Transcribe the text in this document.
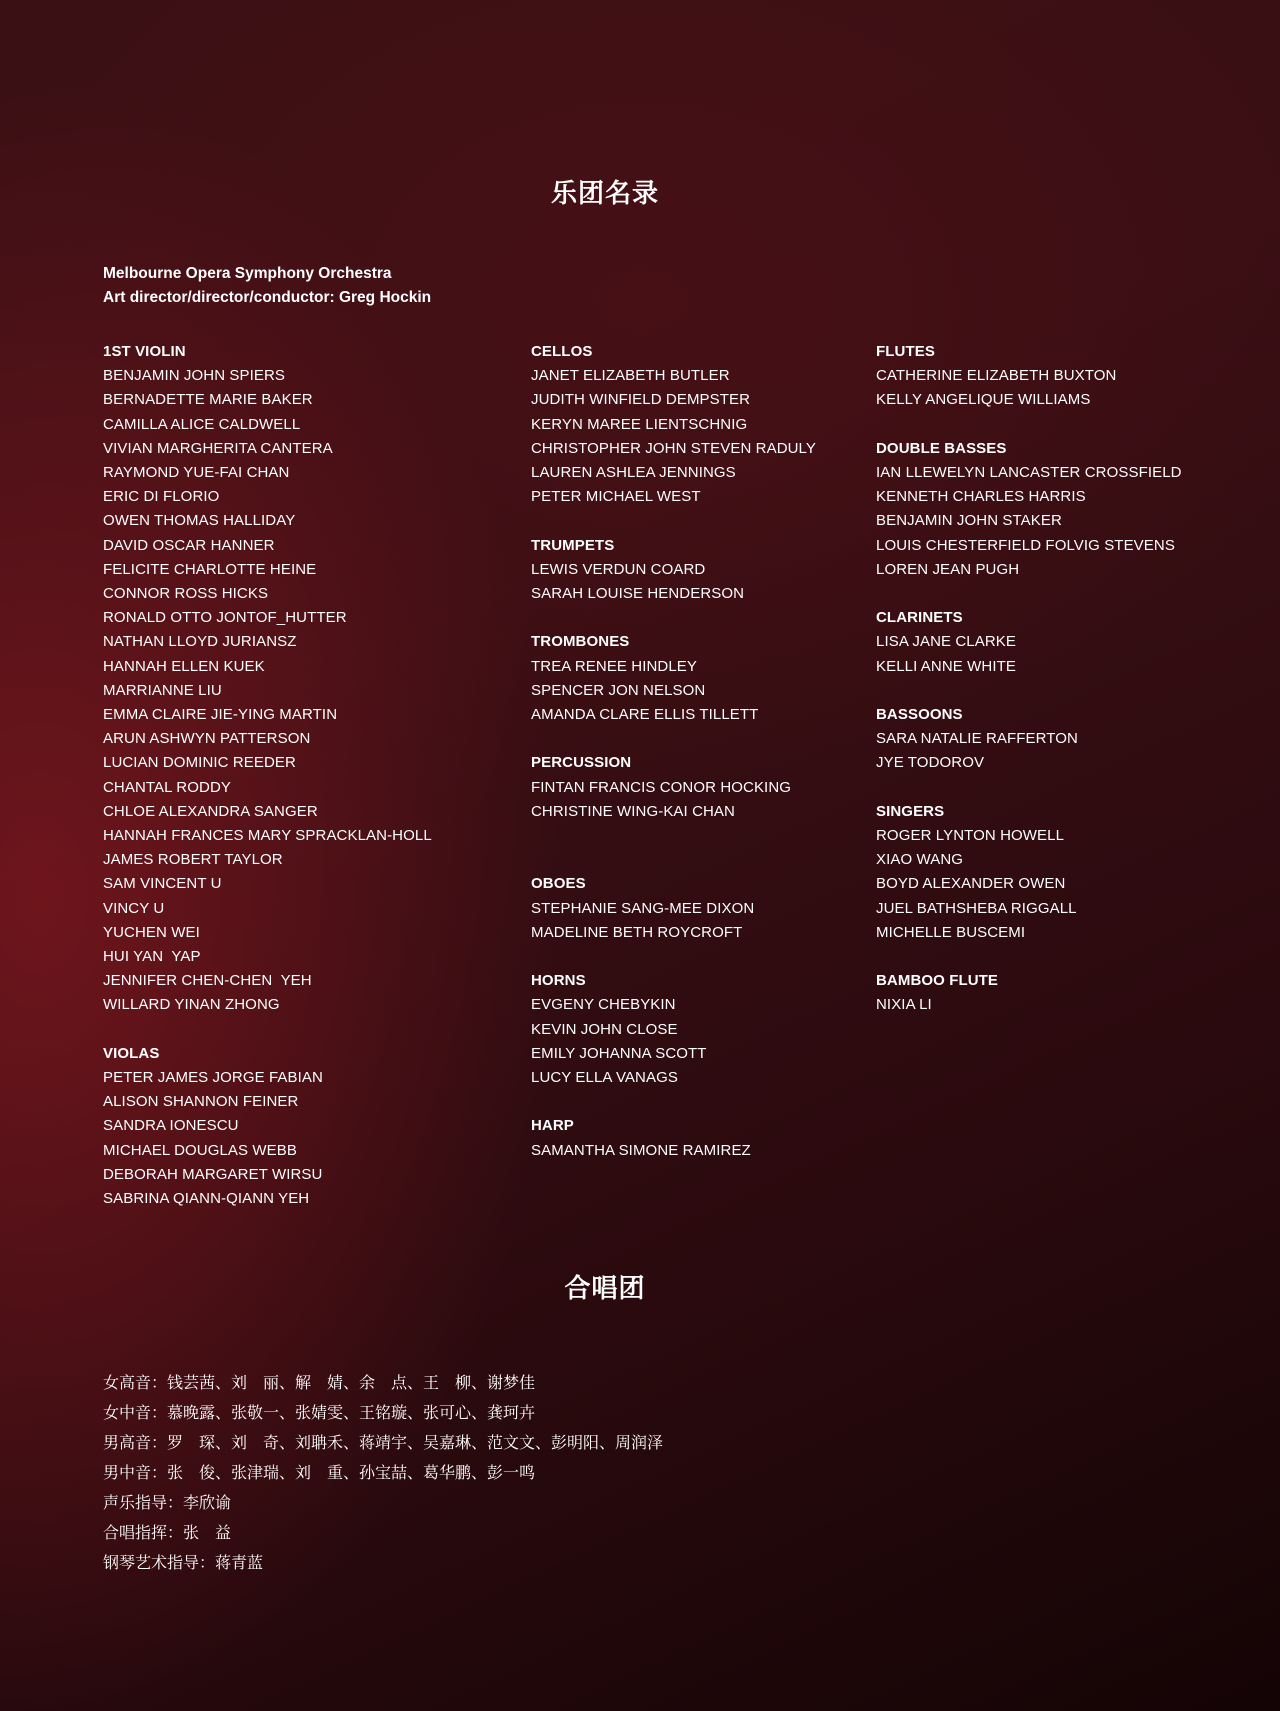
乐团名录
Melbourne Opera Symphony Orchestra
Art director/director/conductor: Greg Hockin
1ST VIOLIN
BENJAMIN JOHN SPIERS
BERNADETTE MARIE BAKER
CAMILLA ALICE CALDWELL
VIVIAN MARGHERITA CANTERA
RAYMOND YUE-FAI CHAN
ERIC DI FLORIO
OWEN THOMAS HALLIDAY
DAVID OSCAR HANNER
FELICITE CHARLOTTE HEINE
CONNOR ROSS HICKS
RONALD OTTO JONTOF_HUTTER
NATHAN LLOYD JURIANSZ
HANNAH ELLEN KUEK
MARRIANNE LIU
EMMA CLAIRE JIE-YING MARTIN
ARUN ASHWYN PATTERSON
LUCIAN DOMINIC REEDER
CHANTAL RODDY
CHLOE ALEXANDRA SANGER
HANNAH FRANCES MARY SPRACKLAN-HOLL
JAMES ROBERT TAYLOR
SAM VINCENT U
VINCY U
YUCHEN WEI
HUI YAN  YAP
JENNIFER CHEN-CHEN  YEH
WILLARD YINAN ZHONG
VIOLAS
PETER JAMES JORGE FABIAN
ALISON SHANNON FEINER
SANDRA IONESCU
MICHAEL DOUGLAS WEBB
DEBORAH MARGARET WIRSU
SABRINA QIANN-QIANN YEH
CELLOS
JANET ELIZABETH BUTLER
JUDITH WINFIELD DEMPSTER
KERYN MAREE LIENTSCHNIG
CHRISTOPHER JOHN STEVEN RADULY
LAUREN ASHLEA JENNINGS
PETER MICHAEL WEST
TRUMPETS
LEWIS VERDUN COARD
SARAH LOUISE HENDERSON
TROMBONES
TREA RENEE HINDLEY
SPENCER JON NELSON
AMANDA CLARE ELLIS TILLETT
PERCUSSION
FINTAN FRANCIS CONOR HOCKING
CHRISTINE WING-KAI CHAN
OBOES
STEPHANIE SANG-MEE DIXON
MADELINE BETH ROYCROFT
HORNS
EVGENY CHEBYKIN
KEVIN JOHN CLOSE
EMILY JOHANNA SCOTT
LUCY ELLA VANAGS
HARP
SAMANTHA SIMONE RAMIREZ
FLUTES
CATHERINE ELIZABETH BUXTON
KELLY ANGELIQUE WILLIAMS
DOUBLE BASSES
IAN LLEWELYN LANCASTER CROSSFIELD
KENNETH CHARLES HARRIS
BENJAMIN JOHN STAKER
LOUIS CHESTERFIELD FOLVIG STEVENS
LOREN JEAN PUGH
CLARINETS
LISA JANE CLARKE
KELLI ANNE WHITE
BASSOONS
SARA NATALIE RAFFERTON
JYE TODOROV
SINGERS
ROGER LYNTON HOWELL
XIAO WANG
BOYD ALEXANDER OWEN
JUEL BATHSHEBA RIGGALL
MICHELLE BUSCEMI
BAMBOO FLUTE
NIXIA LI
合唱团
女高音：钱芸茜、刘　丽、解　婧、余　点、王　柳、谢梦佳
女中音：慕晚露、张敬一、张婧雯、王铭璇、张可心、龚珂卉
男高音：罗　琛、刘　奇、刘聃禾、蒋靖宇、吴嘉琳、范文文、彭明阳、周润泽
男中音：张　俊、张津瑞、刘　重、孙宝喆、葛华鹏、彭一鸣
声乐指导：李欣谕
合唱指挥：张　益
钢琴艺术指导：蒋青蓝
